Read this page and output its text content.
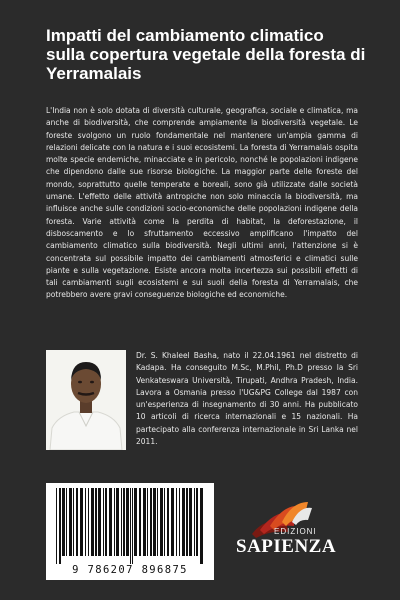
Impatti del cambiamento climatico sulla copertura vegetale della foresta di Yerramalais

L'India non è solo dotata di diversità culturale, geografica, sociale e climatica, ma anche di biodiversità, che comprende ampiamente la biodiversità vegetale. Le foreste svolgono un ruolo fondamentale nel mantenere un'ampia gamma di relazioni delicate con la natura e i suoi ecosistemi. La foresta di Yerramalais ospita molte specie endemiche, minacciate e in pericolo, nonché le popolazioni indigene che dipendono dalle sue risorse biologiche. La maggior parte delle foreste del mondo, soprattutto quelle temperate e boreali, sono già utilizzate dalle società umane. L'effetto delle attività antropiche non solo minaccia la biodiversità, ma influisce anche sulle condizioni socio-economiche delle popolazioni indigene della foresta. Varie attività come la perdita di habitat, la deforestazione, il disboscamento e lo sfruttamento eccessivo amplificano l'impatto del cambiamento climatico sulla biodiversità. Negli ultimi anni, l'attenzione si è concentrata sul possibile impatto dei cambiamenti atmosferici e climatici sulle piante e sulla vegetazione. Esiste ancora molta incertezza sui possibili effetti di tali cambiamenti sugli ecosistemi e sui suoli della foresta di Yerramalais, che potrebbero avere gravi conseguenze biologiche ed economiche.

Dr. S. Khaleel Basha, nato il 22.04.1961 nel distretto di Kadapa. Ha conseguito M.Sc, M.Phil, Ph.D presso la Sri Venkateswara Università, Tirupati, Andhra Pradesh, India. Lavora a Osmania presso l'UG&PG College dal 1987 con un'esperienza di insegnamento di 30 anni. Ha pubblicato 10 articoli di ricerca internazionali e 15 nazionali. Ha partecipato alla conferenza internazionale in Sri Lanka nel 2011.

9 786207 896875
EDIZIONI
SAPIENZA
